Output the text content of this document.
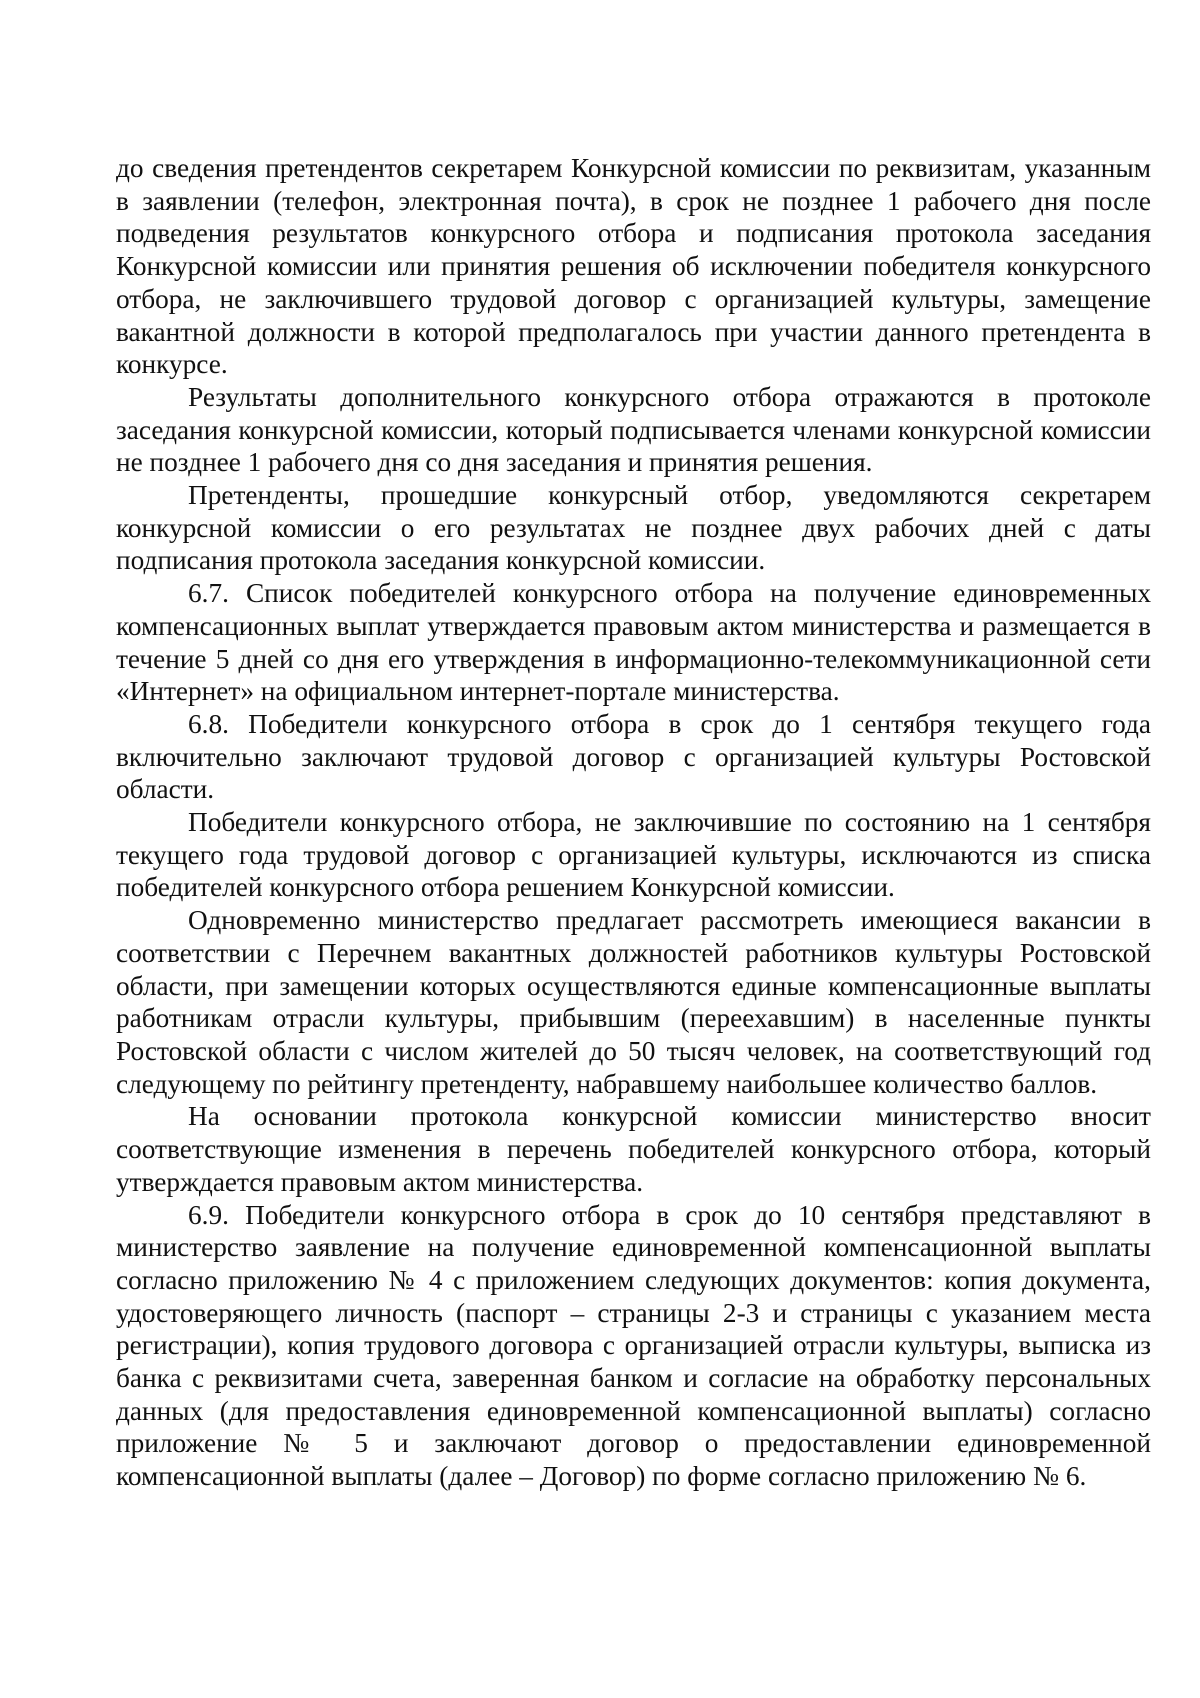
до сведения претендентов секретарем Конкурсной комиссии по реквизитам, указанным в заявлении (телефон, электронная почта), в срок не позднее 1 рабочего дня после подведения результатов конкурсного отбора и подписания протокола заседания Конкурсной комиссии или принятия решения об исключении победителя конкурсного отбора, не заключившего трудовой договор с организацией культуры, замещение вакантной должности в которой предполагалось при участии данного претендента в конкурсе.

Результаты дополнительного конкурсного отбора отражаются в протоколе заседания конкурсной комиссии, который подписывается членами конкурсной комиссии не позднее 1 рабочего дня со дня заседания и принятия решения.

Претенденты, прошедшие конкурсный отбор, уведомляются секретарем конкурсной комиссии о его результатах не позднее двух рабочих дней с даты подписания протокола заседания конкурсной комиссии.

6.7. Список победителей конкурсного отбора на получение единовременных компенсационных выплат утверждается правовым актом министерства и размещается в течение 5 дней со дня его утверждения в информационно-телекоммуникационной сети «Интернет» на официальном интернет-портале министерства.

6.8. Победители конкурсного отбора в срок до 1 сентября текущего года включительно заключают трудовой договор с организацией культуры Ростовской области.

Победители конкурсного отбора, не заключившие по состоянию на 1 сентября текущего года трудовой договор с организацией культуры, исключаются из списка победителей конкурсного отбора решением Конкурсной комиссии.

Одновременно министерство предлагает рассмотреть имеющиеся вакансии в соответствии с Перечнем вакантных должностей работников культуры Ростовской области, при замещении которых осуществляются единые компенсационные выплаты работникам отрасли культуры, прибывшим (переехавшим) в населенные пункты Ростовской области с числом жителей до 50 тысяч человек, на соответствующий год следующему по рейтингу претенденту, набравшему наибольшее количество баллов.

На основании протокола конкурсной комиссии министерство вносит соответствующие изменения в перечень победителей конкурсного отбора, который утверждается правовым актом министерства.

6.9. Победители конкурсного отбора в срок до 10 сентября представляют в министерство заявление на получение единовременной компенсационной выплаты согласно приложению № 4 с приложением следующих документов: копия документа, удостоверяющего личность (паспорт – страницы 2-3 и страницы с указанием места регистрации), копия трудового договора с организацией отрасли культуры, выписка из банка с реквизитами счета, заверенная банком и согласие на обработку персональных данных (для предоставления единовременной компенсационной выплаты) согласно приложение № 5 и заключают договор о предоставлении единовременной компенсационной выплаты (далее – Договор) по форме согласно приложению № 6.
